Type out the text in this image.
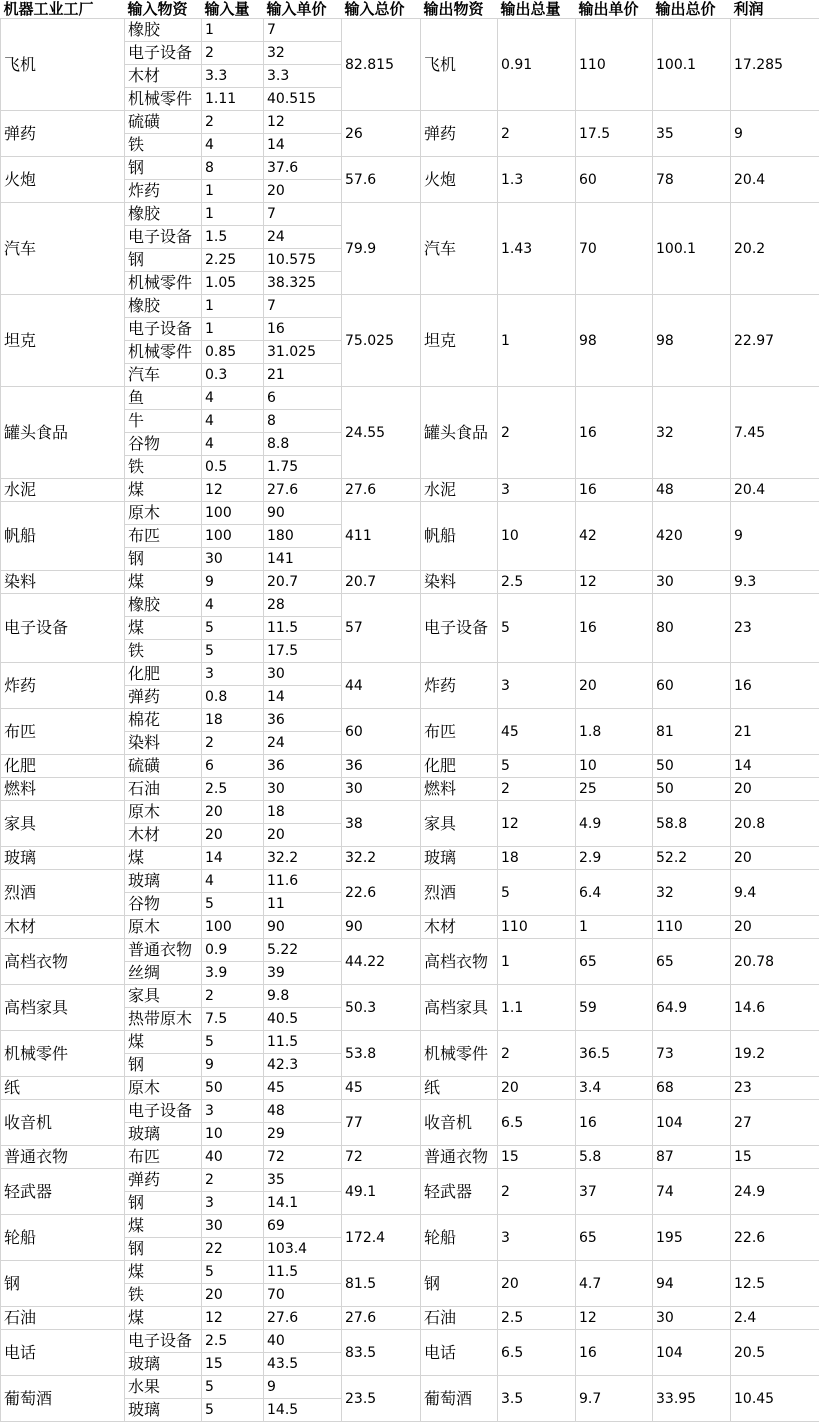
机器工业工厂	输入物资	输入量	输入单价	输入总价	输出物资	输出总量	输出单价	输出总价	利润
飞机	橡胶	1	7	82.815	飞机	0.91	110	100.1	17.285
	电子设备	2	32						
	木材	3.3	3.3						
	机械零件	1.11	40.515						
弹药	硫磺	2	12	26	弹药	2	17.5	35	9
	铁	4	14						
火炮	钢	8	37.6	57.6	火炮	1.3	60	78	20.4
	炸药	1	20						
汽车	橡胶	1	7	79.9	汽车	1.43	70	100.1	20.2
	电子设备	1.5	24						
	钢	2.25	10.575						
	机械零件	1.05	38.325						
坦克	橡胶	1	7	75.025	坦克	1	98	98	22.97
	电子设备	1	16						
	机械零件	0.85	31.025						
	汽车	0.3	21						
罐头食品	鱼	4	6	24.55	罐头食品	2	16	32	7.45
	牛	4	8						
	谷物	4	8.8						
	铁	0.5	1.75						
水泥	煤	12	27.6	27.6	水泥	3	16	48	20.4
帆船	原木	100	90	411	帆船	10	42	420	9
	布匹	100	180						
	钢	30	141						
染料	煤	9	20.7	20.7	染料	2.5	12	30	9.3
电子设备	橡胶	4	28	57	电子设备	5	16	80	23
	煤	5	11.5						
	铁	5	17.5						
炸药	化肥	3	30	44	炸药	3	20	60	16
	弹药	0.8	14						
布匹	棉花	18	36	60	布匹	45	1.8	81	21
	染料	2	24						
化肥	硫磺	6	36	36	化肥	5	10	50	14
燃料	石油	2.5	30	30	燃料	2	25	50	20
家具	原木	20	18	38	家具	12	4.9	58.8	20.8
	木材	20	20						
玻璃	煤	14	32.2	32.2	玻璃	18	2.9	52.2	20
烈酒	玻璃	4	11.6	22.6	烈酒	5	6.4	32	9.4
	谷物	5	11						
木材	原木	100	90	90	木材	110	1	110	20
高档衣物	普通衣物	0.9	5.22	44.22	高档衣物	1	65	65	20.78
	丝绸	3.9	39						
高档家具	家具	2	9.8	50.3	高档家具	1.1	59	64.9	14.6
	热带原木	7.5	40.5						
机械零件	煤	5	11.5	53.8	机械零件	2	36.5	73	19.2
	钢	9	42.3						
纸	原木	50	45	45	纸	20	3.4	68	23
收音机	电子设备	3	48	77	收音机	6.5	16	104	27
	玻璃	10	29						
普通衣物	布匹	40	72	72	普通衣物	15	5.8	87	15
轻武器	弹药	2	35	49.1	轻武器	2	37	74	24.9
	钢	3	14.1						
轮船	煤	30	69	172.4	轮船	3	65	195	22.6
	钢	22	103.4						
钢	煤	5	11.5	81.5	钢	20	4.7	94	12.5
	铁	20	70						
石油	煤	12	27.6	27.6	石油	2.5	12	30	2.4
电话	电子设备	2.5	40	83.5	电话	6.5	16	104	20.5
	玻璃	15	43.5						
葡萄酒	水果	5	9	23.5	葡萄酒	3.5	9.7	33.95	10.45
	玻璃	5	14.5						
